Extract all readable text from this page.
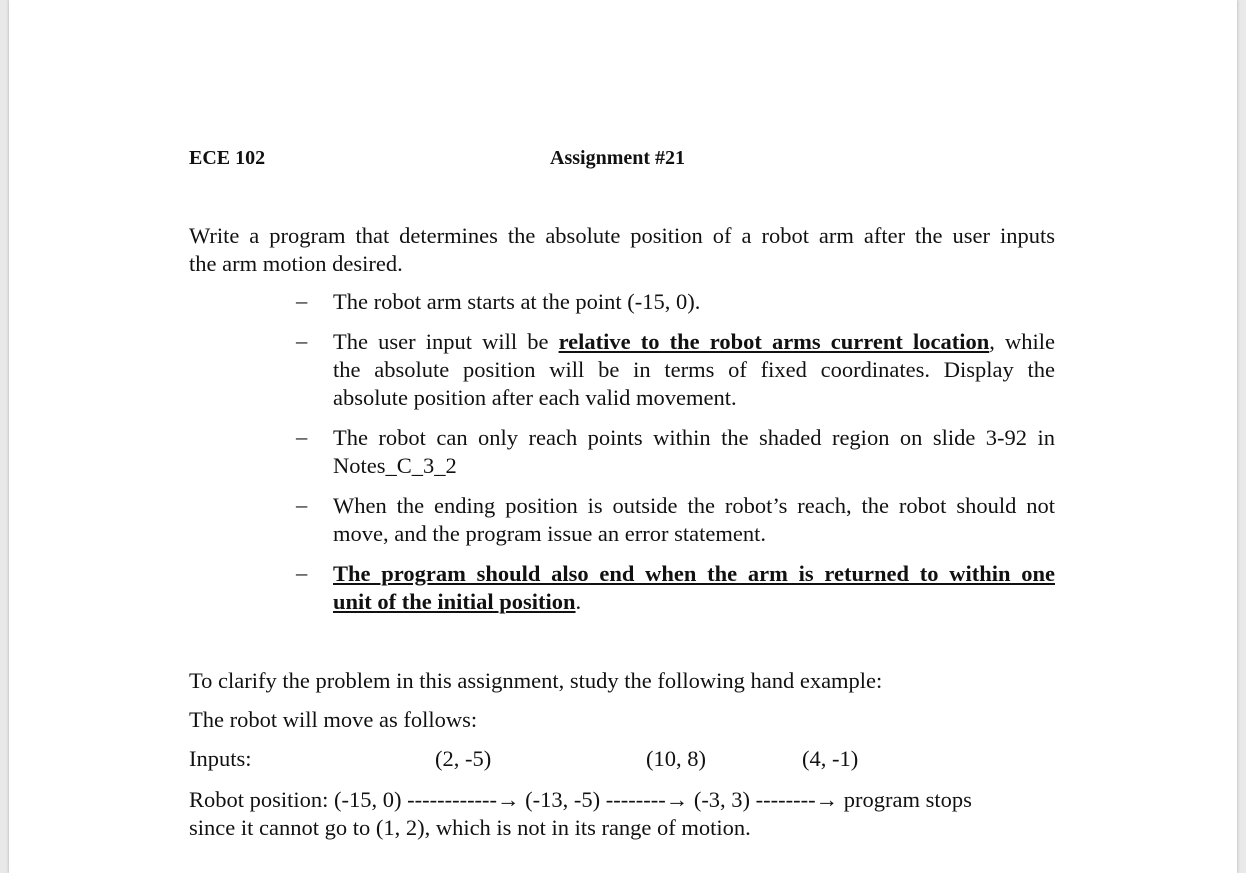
ECE 102	Assignment #21
Write a program that determines the absolute position of a robot arm after the user inputs
the arm motion desired.
– The robot arm starts at the point (-15, 0).
– The user input will be relative to the robot arms current location, while
the absolute position will be in terms of fixed coordinates. Display the
absolute position after each valid movement.
– The robot can only reach points within the shaded region on slide 3-92 in
Notes_C_3_2
– When the ending position is outside the robot’s reach, the robot should not
move, and the program issue an error statement.
– The program should also end when the arm is returned to within one
unit of the initial position.
To clarify the problem in this assignment, study the following hand example:
The robot will move as follows:
Inputs:	(2, -5)	(10, 8)	(4, -1)
Robot position: (-15, 0) ------------→ (-13, -5) --------→ (-3, 3) --------→ program stops
since it cannot go to (1, 2), which is not in its range of motion.
